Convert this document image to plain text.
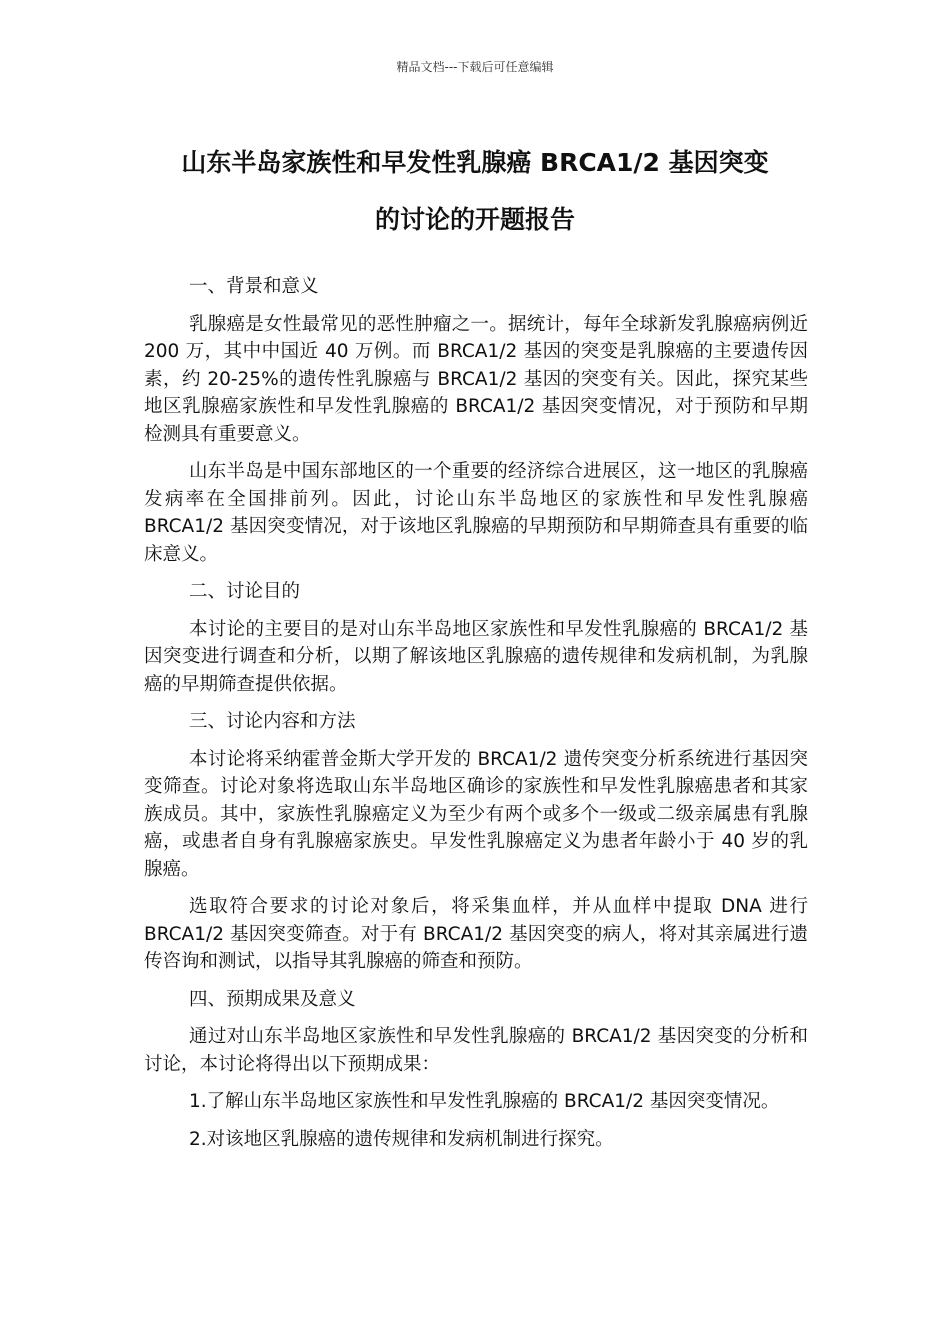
精品文档---下载后可任意编辑
山东半岛家族性和早发性乳腺癌 BRCA1/2 基因突变
的讨论的开题报告

一、背景和意义

乳腺癌是女性最常见的恶性肿瘤之一。据统计，每年全球新发乳腺癌病例近 200 万，其中中国近 40 万例。而 BRCA1/2 基因的突变是乳腺癌的主要遗传因素，约 20-25%的遗传性乳腺癌与 BRCA1/2 基因的突变有关。因此，探究某些地区乳腺癌家族性和早发性乳腺癌的 BRCA1/2 基因突变情况，对于预防和早期检测具有重要意义。

山东半岛是中国东部地区的一个重要的经济综合进展区，这一地区的乳腺癌发病率在全国排前列。因此，讨论山东半岛地区的家族性和早发性乳腺癌 BRCA1/2 基因突变情况，对于该地区乳腺癌的早期预防和早期筛查具有重要的临床意义。

二、讨论目的

本讨论的主要目的是对山东半岛地区家族性和早发性乳腺癌的 BRCA1/2 基因突变进行调查和分析，以期了解该地区乳腺癌的遗传规律和发病机制，为乳腺癌的早期筛查提供依据。

三、讨论内容和方法

本讨论将采纳霍普金斯大学开发的 BRCA1/2 遗传突变分析系统进行基因突变筛查。讨论对象将选取山东半岛地区确诊的家族性和早发性乳腺癌患者和其家族成员。其中，家族性乳腺癌定义为至少有两个或多个一级或二级亲属患有乳腺癌，或患者自身有乳腺癌家族史。早发性乳腺癌定义为患者年龄小于 40 岁的乳腺癌。

选取符合要求的讨论对象后，将采集血样，并从血样中提取 DNA 进行 BRCA1/2 基因突变筛查。对于有 BRCA1/2 基因突变的病人，将对其亲属进行遗传咨询和测试，以指导其乳腺癌的筛查和预防。

四、预期成果及意义

通过对山东半岛地区家族性和早发性乳腺癌的 BRCA1/2 基因突变的分析和讨论，本讨论将得出以下预期成果：

1.了解山东半岛地区家族性和早发性乳腺癌的 BRCA1/2 基因突变情况。

2.对该地区乳腺癌的遗传规律和发病机制进行探究。
